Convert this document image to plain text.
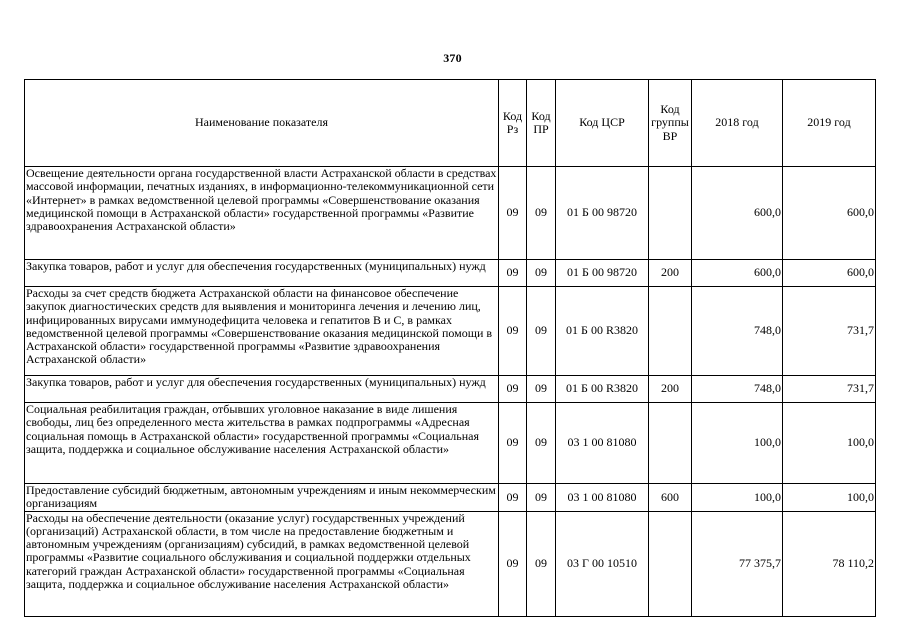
370
Наименование показателя	Код Рз	Код ПР	Код ЦСР	Код группы ВР	2018 год	2019 год
Освещение деятельности органа государственной власти Астраханской области в средствах массовой информации, печатных изданиях, в информационно-телекоммуникационной сети «Интернет» в рамках ведомственной целевой программы «Совершенствование оказания медицинской помощи в Астраханской области» государственной программы «Развитие здравоохранения Астраханской области»	09	09	01 Б 00 98720		600,0	600,0
Закупка товаров, работ и услуг для обеспечения государственных (муниципальных) нужд	09	09	01 Б 00 98720	200	600,0	600,0
Расходы за счет средств бюджета Астраханской области на финансовое обеспечение закупок диагностических средств для выявления и мониторинга лечения и лечению лиц, инфицированных вирусами иммунодефицита человека и гепатитов В и С, в рамках ведомственной целевой программы «Совершенствование оказания медицинской помощи в Астраханской области» государственной программы «Развитие здравоохранения Астраханской области»	09	09	01 Б 00 R3820		748,0	731,7
Закупка товаров, работ и услуг для обеспечения государственных (муниципальных) нужд	09	09	01 Б 00 R3820	200	748,0	731,7
Социальная реабилитация граждан, отбывших уголовное наказание в виде лишения свободы, лиц без определенного места жительства в рамках подпрограммы «Адресная социальная помощь в Астраханской области» государственной программы «Социальная защита, поддержка и социальное обслуживание населения Астраханской области»	09	09	03 1 00 81080		100,0	100,0
Предоставление субсидий бюджетным, автономным учреждениям и иным некоммерческим организациям	09	09	03 1 00 81080	600	100,0	100,0
Расходы на обеспечение деятельности (оказание услуг) государственных учреждений (организаций) Астраханской области, в том числе на предоставление бюджетным и автономным учреждениям (организациям) субсидий, в рамках ведомственной целевой программы «Развитие социального обслуживания и социальной поддержки отдельных категорий граждан Астраханской области» государственной программы «Социальная защита, поддержка и социальное обслуживание населения Астраханской области»	09	09	03 Г 00 10510		77 375,7	78 110,2
